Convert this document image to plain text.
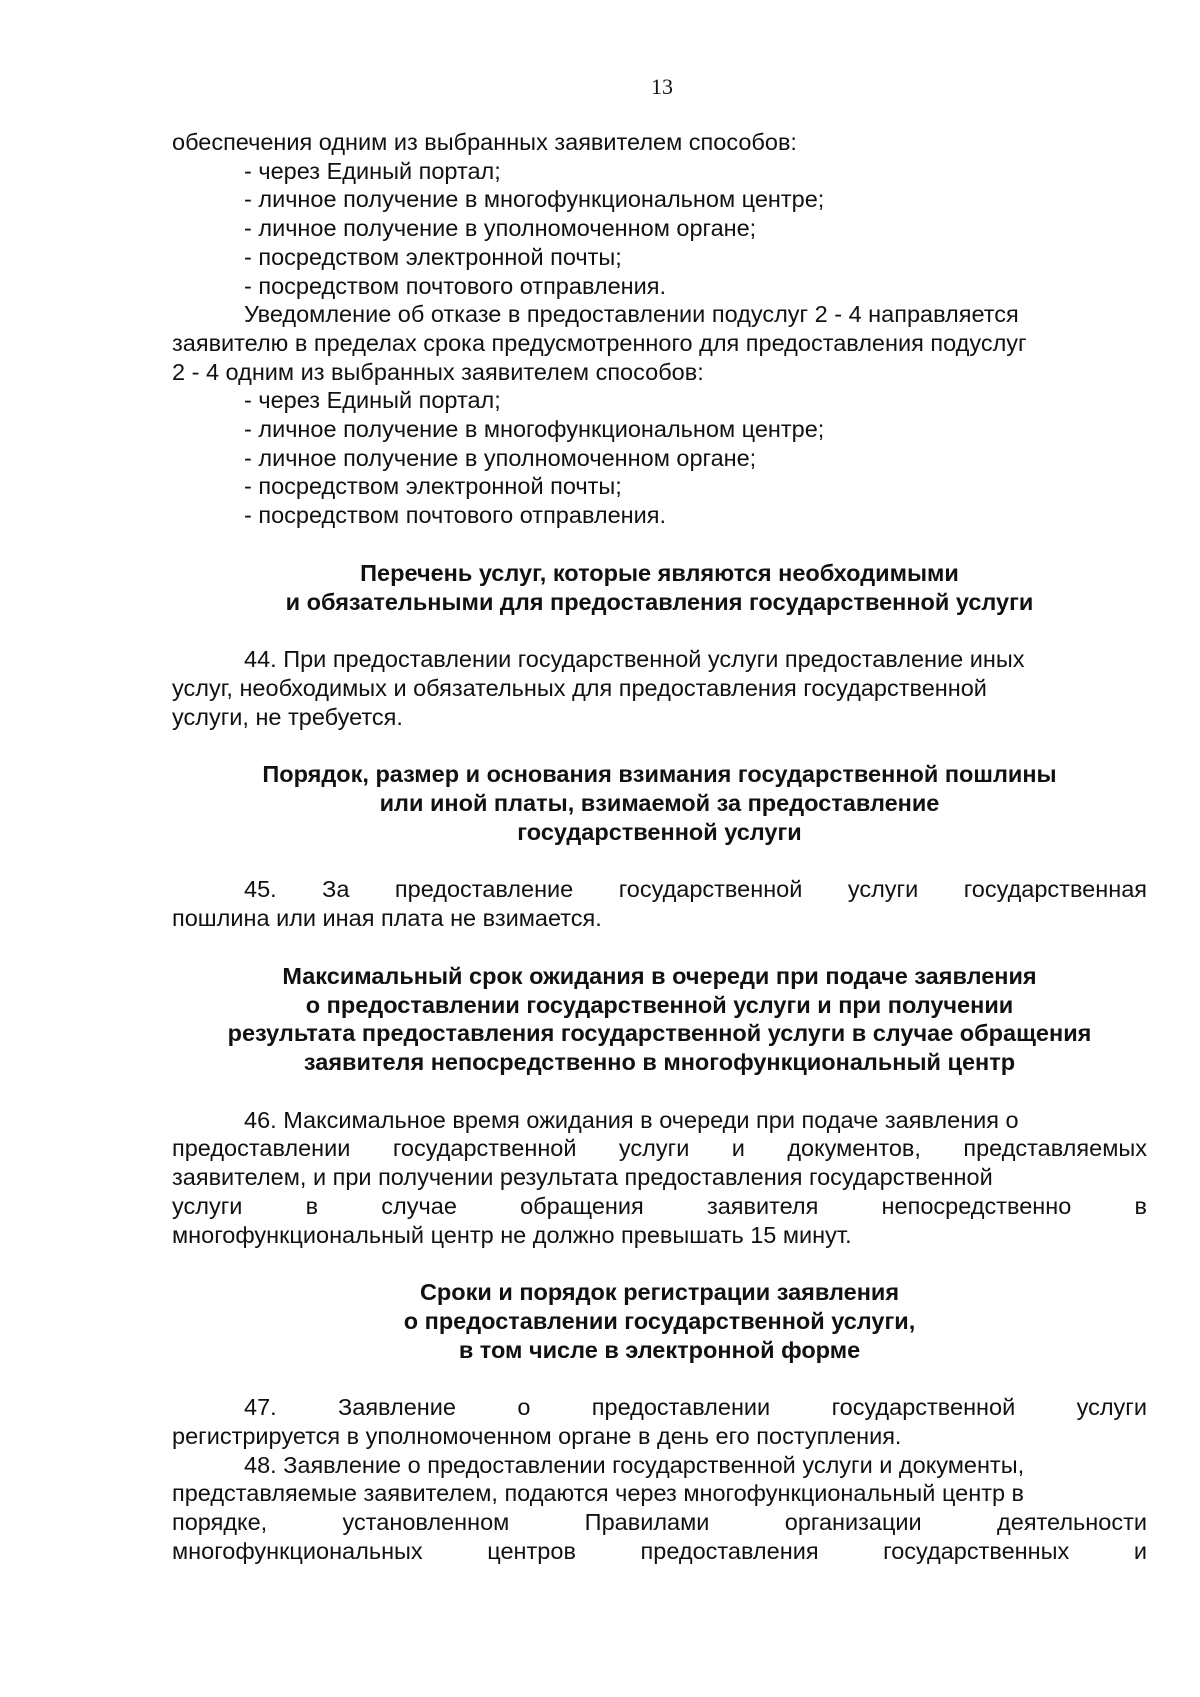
13

обеспечения одним из выбранных заявителем способов:

- через Единый портал;

- личное получение в многофункциональном центре;

- личное получение в уполномоченном органе;

- посредством электронной почты;

- посредством почтового отправления.

Уведомление об отказе в предоставлении подуслуг 2 - 4 направляется

заявителю в пределах срока предусмотренного для предоставления подуслуг

2 - 4 одним из выбранных заявителем способов:

- через Единый портал;

- личное получение в многофункциональном центре;

- личное получение в уполномоченном органе;

- посредством электронной почты;

- посредством почтового отправления.

Перечень услуг, которые являются необходимыми

и обязательными для предоставления государственной услуги

44. При предоставлении государственной услуги предоставление иных

услуг, необходимых и обязательных для предоставления государственной

услуги, не требуется.

Порядок, размер и основания взимания государственной пошлины

или иной платы, взимаемой за предоставление

государственной услуги

45. За предоставление государственной услуги государственная

пошлина или иная плата не взимается.

Максимальный срок ожидания в очереди при подаче заявления

о предоставлении государственной услуги и при получении

результата предоставления государственной услуги в случае обращения

заявителя непосредственно в многофункциональный центр

46. Максимальное время ожидания в очереди при подаче заявления о

предоставлении государственной услуги и документов, представляемых

заявителем, и при получении результата предоставления государственной

услуги в случае обращения заявителя непосредственно в

многофункциональный центр не должно превышать 15 минут.

Сроки и порядок регистрации заявления

о предоставлении государственной услуги,

в том числе в электронной форме

47. Заявление о предоставлении государственной услуги

регистрируется в уполномоченном органе в день его поступления.

48. Заявление о предоставлении государственной услуги и документы,

представляемые заявителем, подаются через многофункциональный центр в

порядке, установленном Правилами организации деятельности

многофункциональных центров предоставления государственных и
